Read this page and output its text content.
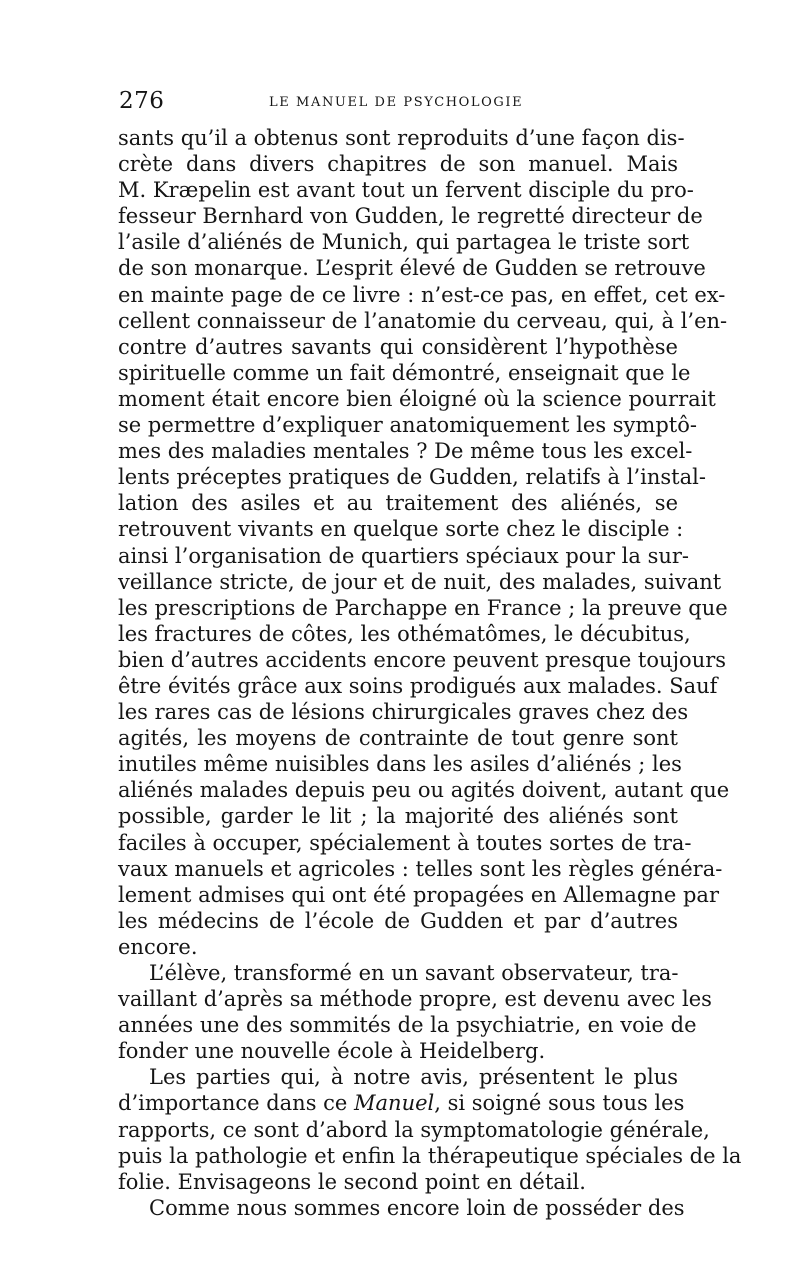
276	LE MANUEL DE PSYCHOLOGIE
sants qu’il a obtenus sont reproduits d’une façon dis-
crète dans divers chapitres de son manuel. Mais
M. Kræpelin est avant tout un fervent disciple du pro-
fesseur Bernhard von Gudden, le regretté directeur de
l’asile d’aliénés de Munich, qui partagea le triste sort
de son monarque. L’esprit élevé de Gudden se retrouve
en mainte page de ce livre : n’est-ce pas, en effet, cet ex-
cellent connaisseur de l’anatomie du cerveau, qui, à l’en-
contre d’autres savants qui considèrent l’hypothèse
spirituelle comme un fait démontré, enseignait que le
moment était encore bien éloigné où la science pourrait
se permettre d’expliquer anatomiquement les symptô-
mes des maladies mentales ? De même tous les excel-
lents préceptes pratiques de Gudden, relatifs à l’instal-
lation des asiles et au traitement des aliénés, se
retrouvent vivants en quelque sorte chez le disciple :
ainsi l’organisation de quartiers spéciaux pour la sur-
veillance stricte, de jour et de nuit, des malades, suivant
les prescriptions de Parchappe en France ; la preuve que
les fractures de côtes, les othématômes, le décubitus,
bien d’autres accidents encore peuvent presque toujours
être évités grâce aux soins prodigués aux malades. Sauf
les rares cas de lésions chirurgicales graves chez des
agités, les moyens de contrainte de tout genre sont
inutiles même nuisibles dans les asiles d’aliénés ; les
aliénés malades depuis peu ou agités doivent, autant que
possible, garder le lit ; la majorité des aliénés sont
faciles à occuper, spécialement à toutes sortes de tra-
vaux manuels et agricoles : telles sont les règles généra-
lement admises qui ont été propagées en Allemagne par
les médecins de l’école de Gudden et par d’autres
encore.
L’élève, transformé en un savant observateur, tra-
vaillant d’après sa méthode propre, est devenu avec les
années une des sommités de la psychiatrie, en voie de
fonder une nouvelle école à Heidelberg.
Les parties qui, à notre avis, présentent le plus
d’importance dans ce Manuel, si soigné sous tous les
rapports, ce sont d’abord la symptomatologie générale,
puis la pathologie et enfin la thérapeutique spéciales de la
folie. Envisageons le second point en détail.
Comme nous sommes encore loin de posséder des
